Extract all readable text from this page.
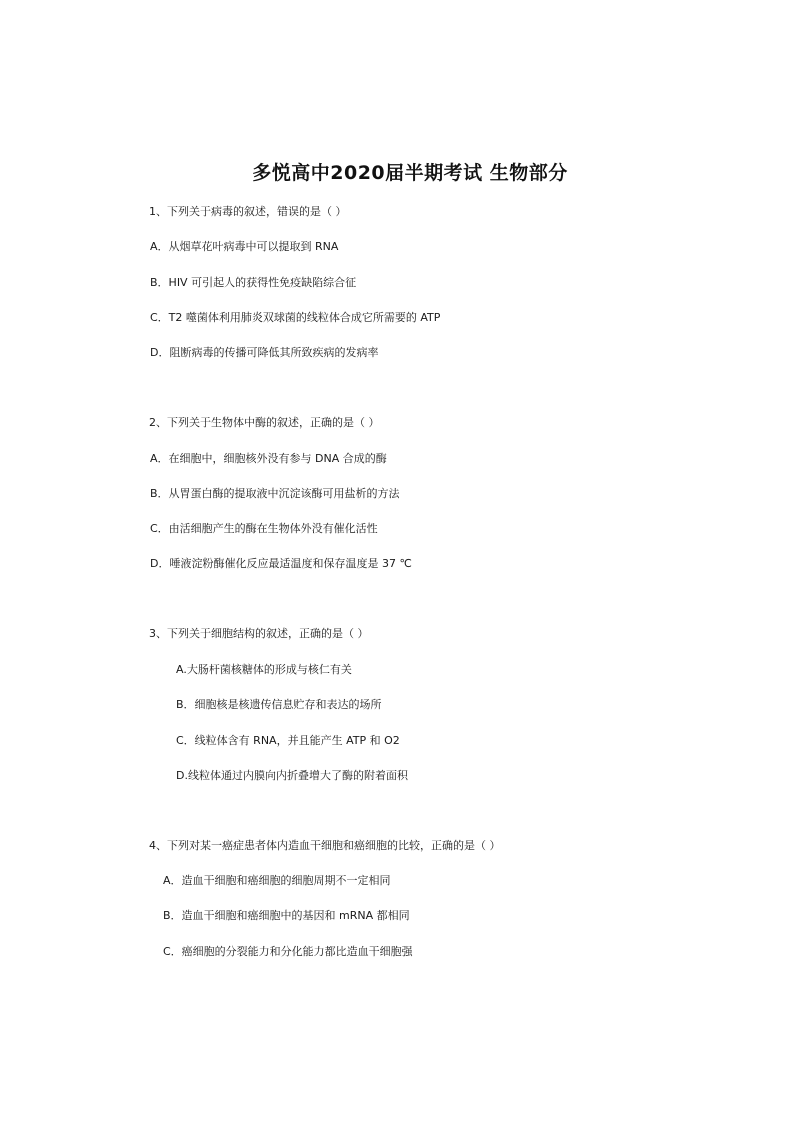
多悦高中2020届半期考试 生物部分
1、下列关于病毒的叙述，错误的是（ ）
A．从烟草花叶病毒中可以提取到 RNA
B．HIV 可引起人的获得性免疫缺陷综合征
C．T2 噬菌体利用肺炎双球菌的线粒体合成它所需要的 ATP
D．阻断病毒的传播可降低其所致疾病的发病率
2、下列关于生物体中酶的叙述，正确的是（ ）
A．在细胞中，细胞核外没有参与 DNA 合成的酶
B．从胃蛋白酶的提取液中沉淀该酶可用盐析的方法
C．由活细胞产生的酶在生物体外没有催化活性
D．唾液淀粉酶催化反应最适温度和保存温度是 37 ℃
3、下列关于细胞结构的叙述，正确的是（ ）
A.大肠杆菌核糖体的形成与核仁有关
B．细胞核是核遗传信息贮存和表达的场所
C．线粒体含有 RNA，并且能产生 ATP 和 O2
D.线粒体通过内膜向内折叠增大了酶的附着面积
4、下列对某一癌症患者体内造血干细胞和癌细胞的比较，正确的是（ ）
A．造血干细胞和癌细胞的细胞周期不一定相同
B．造血干细胞和癌细胞中的基因和 mRNA 都相同
C．癌细胞的分裂能力和分化能力都比造血干细胞强
